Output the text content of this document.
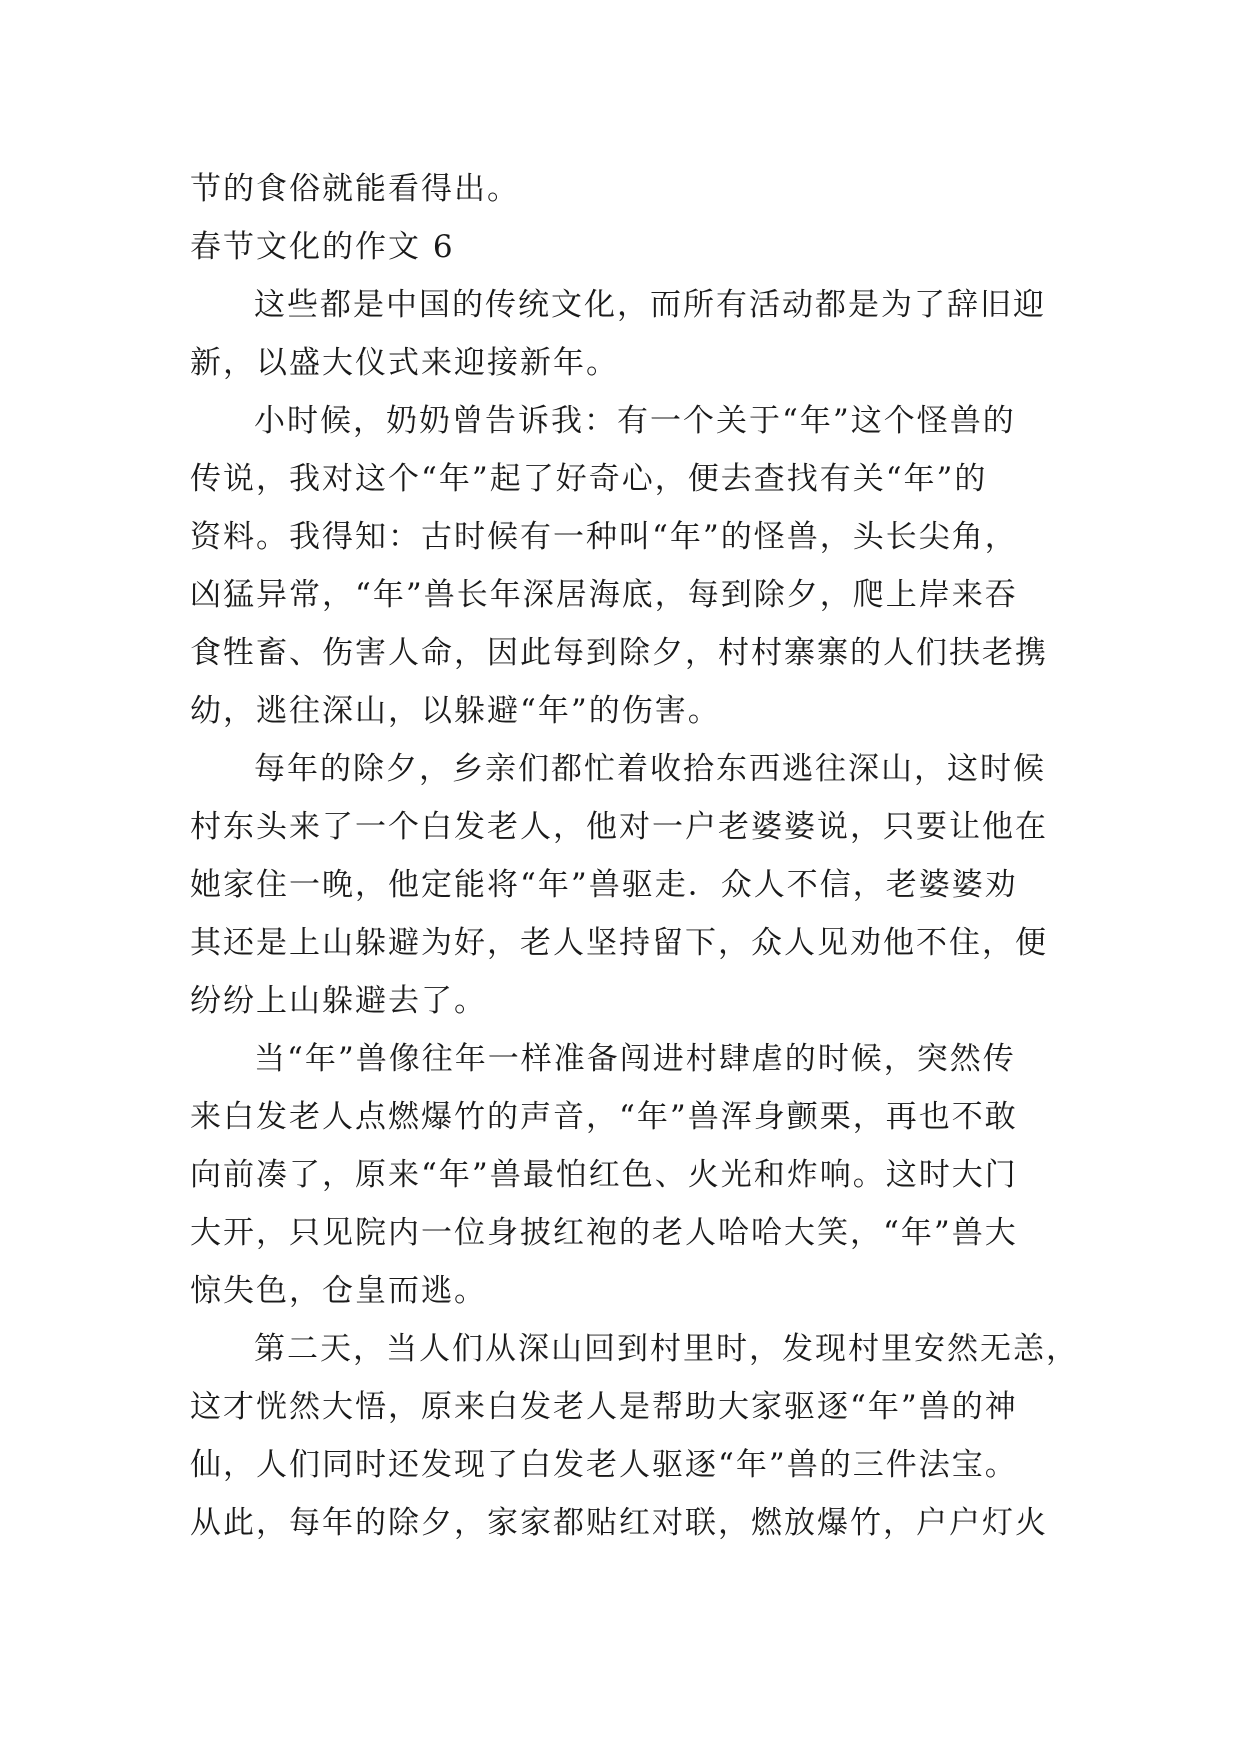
节的食俗就能看得出。
春节文化的作文 6
这些都是中国的传统文化，而所有活动都是为了辞旧迎
新，以盛大仪式来迎接新年。
小时候，奶奶曾告诉我：有一个关于“年”这个怪兽的
传说，我对这个“年”起了好奇心，便去查找有关“年”的
资料。我得知：古时候有一种叫“年”的怪兽，头长尖角，
凶猛异常，“年”兽长年深居海底，每到除夕，爬上岸来吞
食牲畜、伤害人命，因此每到除夕，村村寨寨的人们扶老携
幼，逃往深山，以躲避“年”的伤害。
每年的除夕，乡亲们都忙着收拾东西逃往深山，这时候
村东头来了一个白发老人，他对一户老婆婆说，只要让他在
她家住一晚，他定能将“年”兽驱走．众人不信，老婆婆劝
其还是上山躲避为好，老人坚持留下，众人见劝他不住，便
纷纷上山躲避去了。
当“年”兽像往年一样准备闯进村肆虐的时候，突然传
来白发老人点燃爆竹的声音，“年”兽浑身颤栗，再也不敢
向前凑了，原来“年”兽最怕红色、火光和炸响。这时大门
大开，只见院内一位身披红袍的老人哈哈大笑，“年”兽大
惊失色，仓皇而逃。
第二天，当人们从深山回到村里时，发现村里安然无恙，
这才恍然大悟，原来白发老人是帮助大家驱逐“年”兽的神
仙，人们同时还发现了白发老人驱逐“年”兽的三件法宝。
从此，每年的除夕，家家都贴红对联，燃放爆竹，户户灯火
